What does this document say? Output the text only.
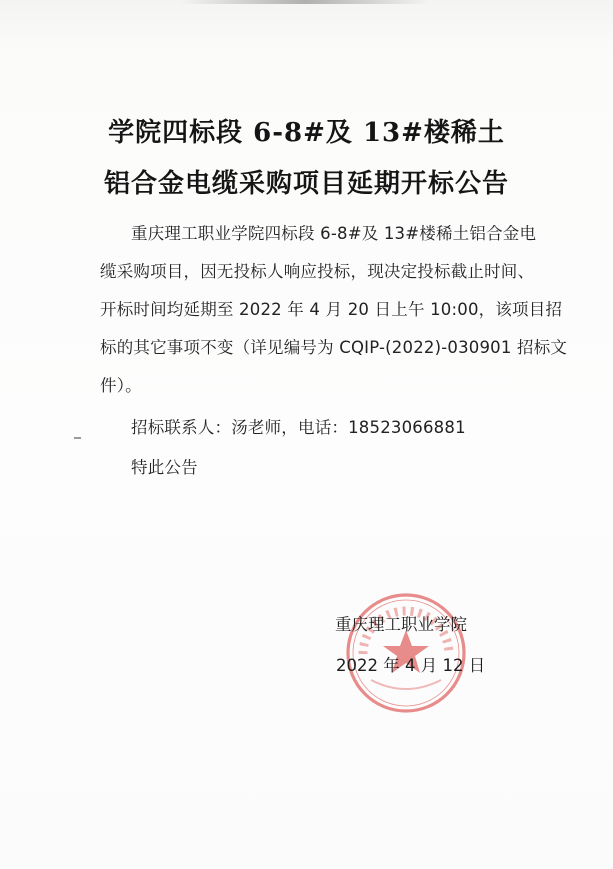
学院四标段 6-8#及 13#楼稀土
铝合金电缆采购项目延期开标公告
重庆理工职业学院四标段 6-8#及 13#楼稀土铝合金电
缆采购项目，因无投标人响应投标，现决定投标截止时间、
开标时间均延期至 2022 年 4 月 20 日上午 10:00，该项目招
标的其它事项不变（详见编号为 CQIP-(2022)-030901 招标文
件）。
招标联系人：汤老师，电话：18523066881
特此公告
重庆理工职业学院
2022 年 4 月 12 日
